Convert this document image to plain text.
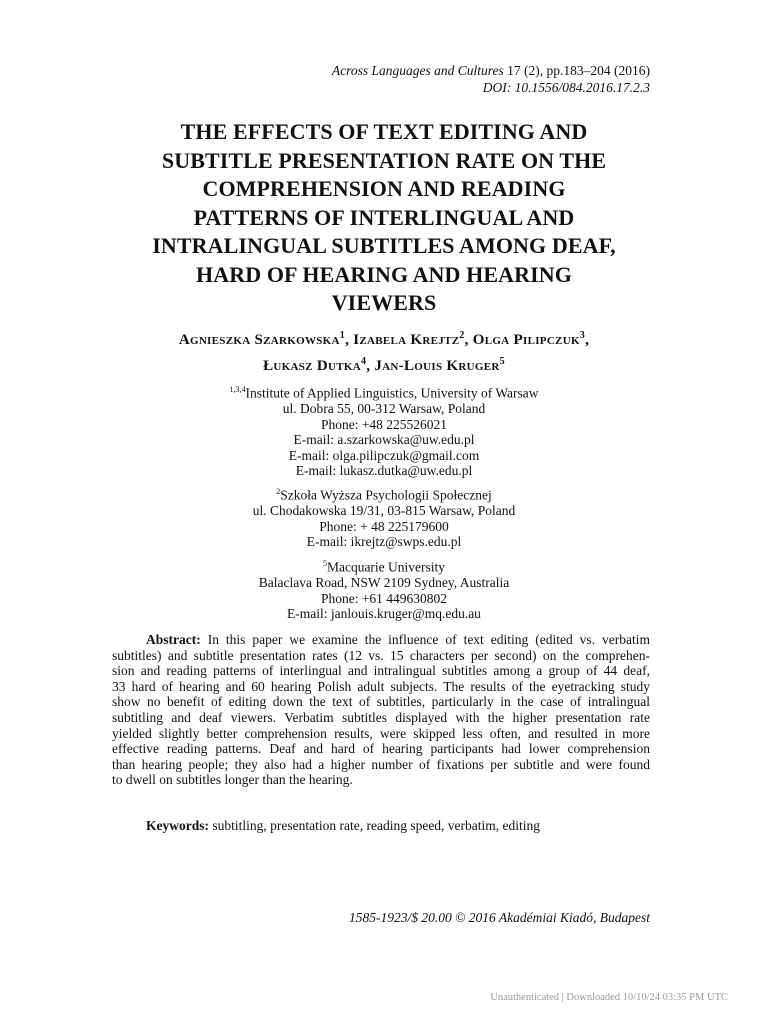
Across Languages and Cultures 17 (2), pp.183–204 (2016)
DOI: 10.1556/084.2016.17.2.3
THE EFFECTS OF TEXT EDITING AND
SUBTITLE PRESENTATION RATE ON THE
COMPREHENSION AND READING
PATTERNS OF INTERLINGUAL AND
INTRALINGUAL SUBTITLES AMONG DEAF,
HARD OF HEARING AND HEARING
VIEWERS
Agnieszka Szarkowska$^1$, Izabela Krejtz$^2$, Olga Pilipczuk$^3$,
Łukasz Dutka$^4$, Jan-Louis Kruger$^5$
$^{1,3,4}$Institute of Applied Linguistics, University of Warsaw
ul. Dobra 55, 00-312 Warsaw, Poland
Phone: +48 225526021
E-mail: a.szarkowska@uw.edu.pl
E-mail: olga.pilipczuk@gmail.com
E-mail: lukasz.dutka@uw.edu.pl
$^2$Szkoła Wyższa Psychologii Społecznej
ul. Chodakowska 19/31, 03-815 Warsaw, Poland
Phone: + 48 225179600
E-mail: ikrejtz@swps.edu.pl
$^5$Macquarie University
Balaclava Road, NSW 2109 Sydney, Australia
Phone: +61 449630802
E-mail: janlouis.kruger@mq.edu.au
Abstract: In this paper we examine the influence of text editing (edited vs. verbatim
subtitles) and subtitle presentation rates (12 vs. 15 characters per second) on the comprehen-
sion and reading patterns of interlingual and intralingual subtitles among a group of 44 deaf,
33 hard of hearing and 60 hearing Polish adult subjects. The results of the eyetracking study
show no benefit of editing down the text of subtitles, particularly in the case of intralingual
subtitling and deaf viewers. Verbatim subtitles displayed with the higher presentation rate
yielded slightly better comprehension results, were skipped less often, and resulted in more
effective reading patterns. Deaf and hard of hearing participants had lower comprehension
than hearing people; they also had a higher number of fixations per subtitle and were found
to dwell on subtitles longer than the hearing.
Keywords: subtitling, presentation rate, reading speed, verbatim, editing
1585-1923/$ 20.00 © 2016 Akadémiai Kiadó, Budapest
Unauthenticated | Downloaded 10/10/24 03:35 PM UTC
